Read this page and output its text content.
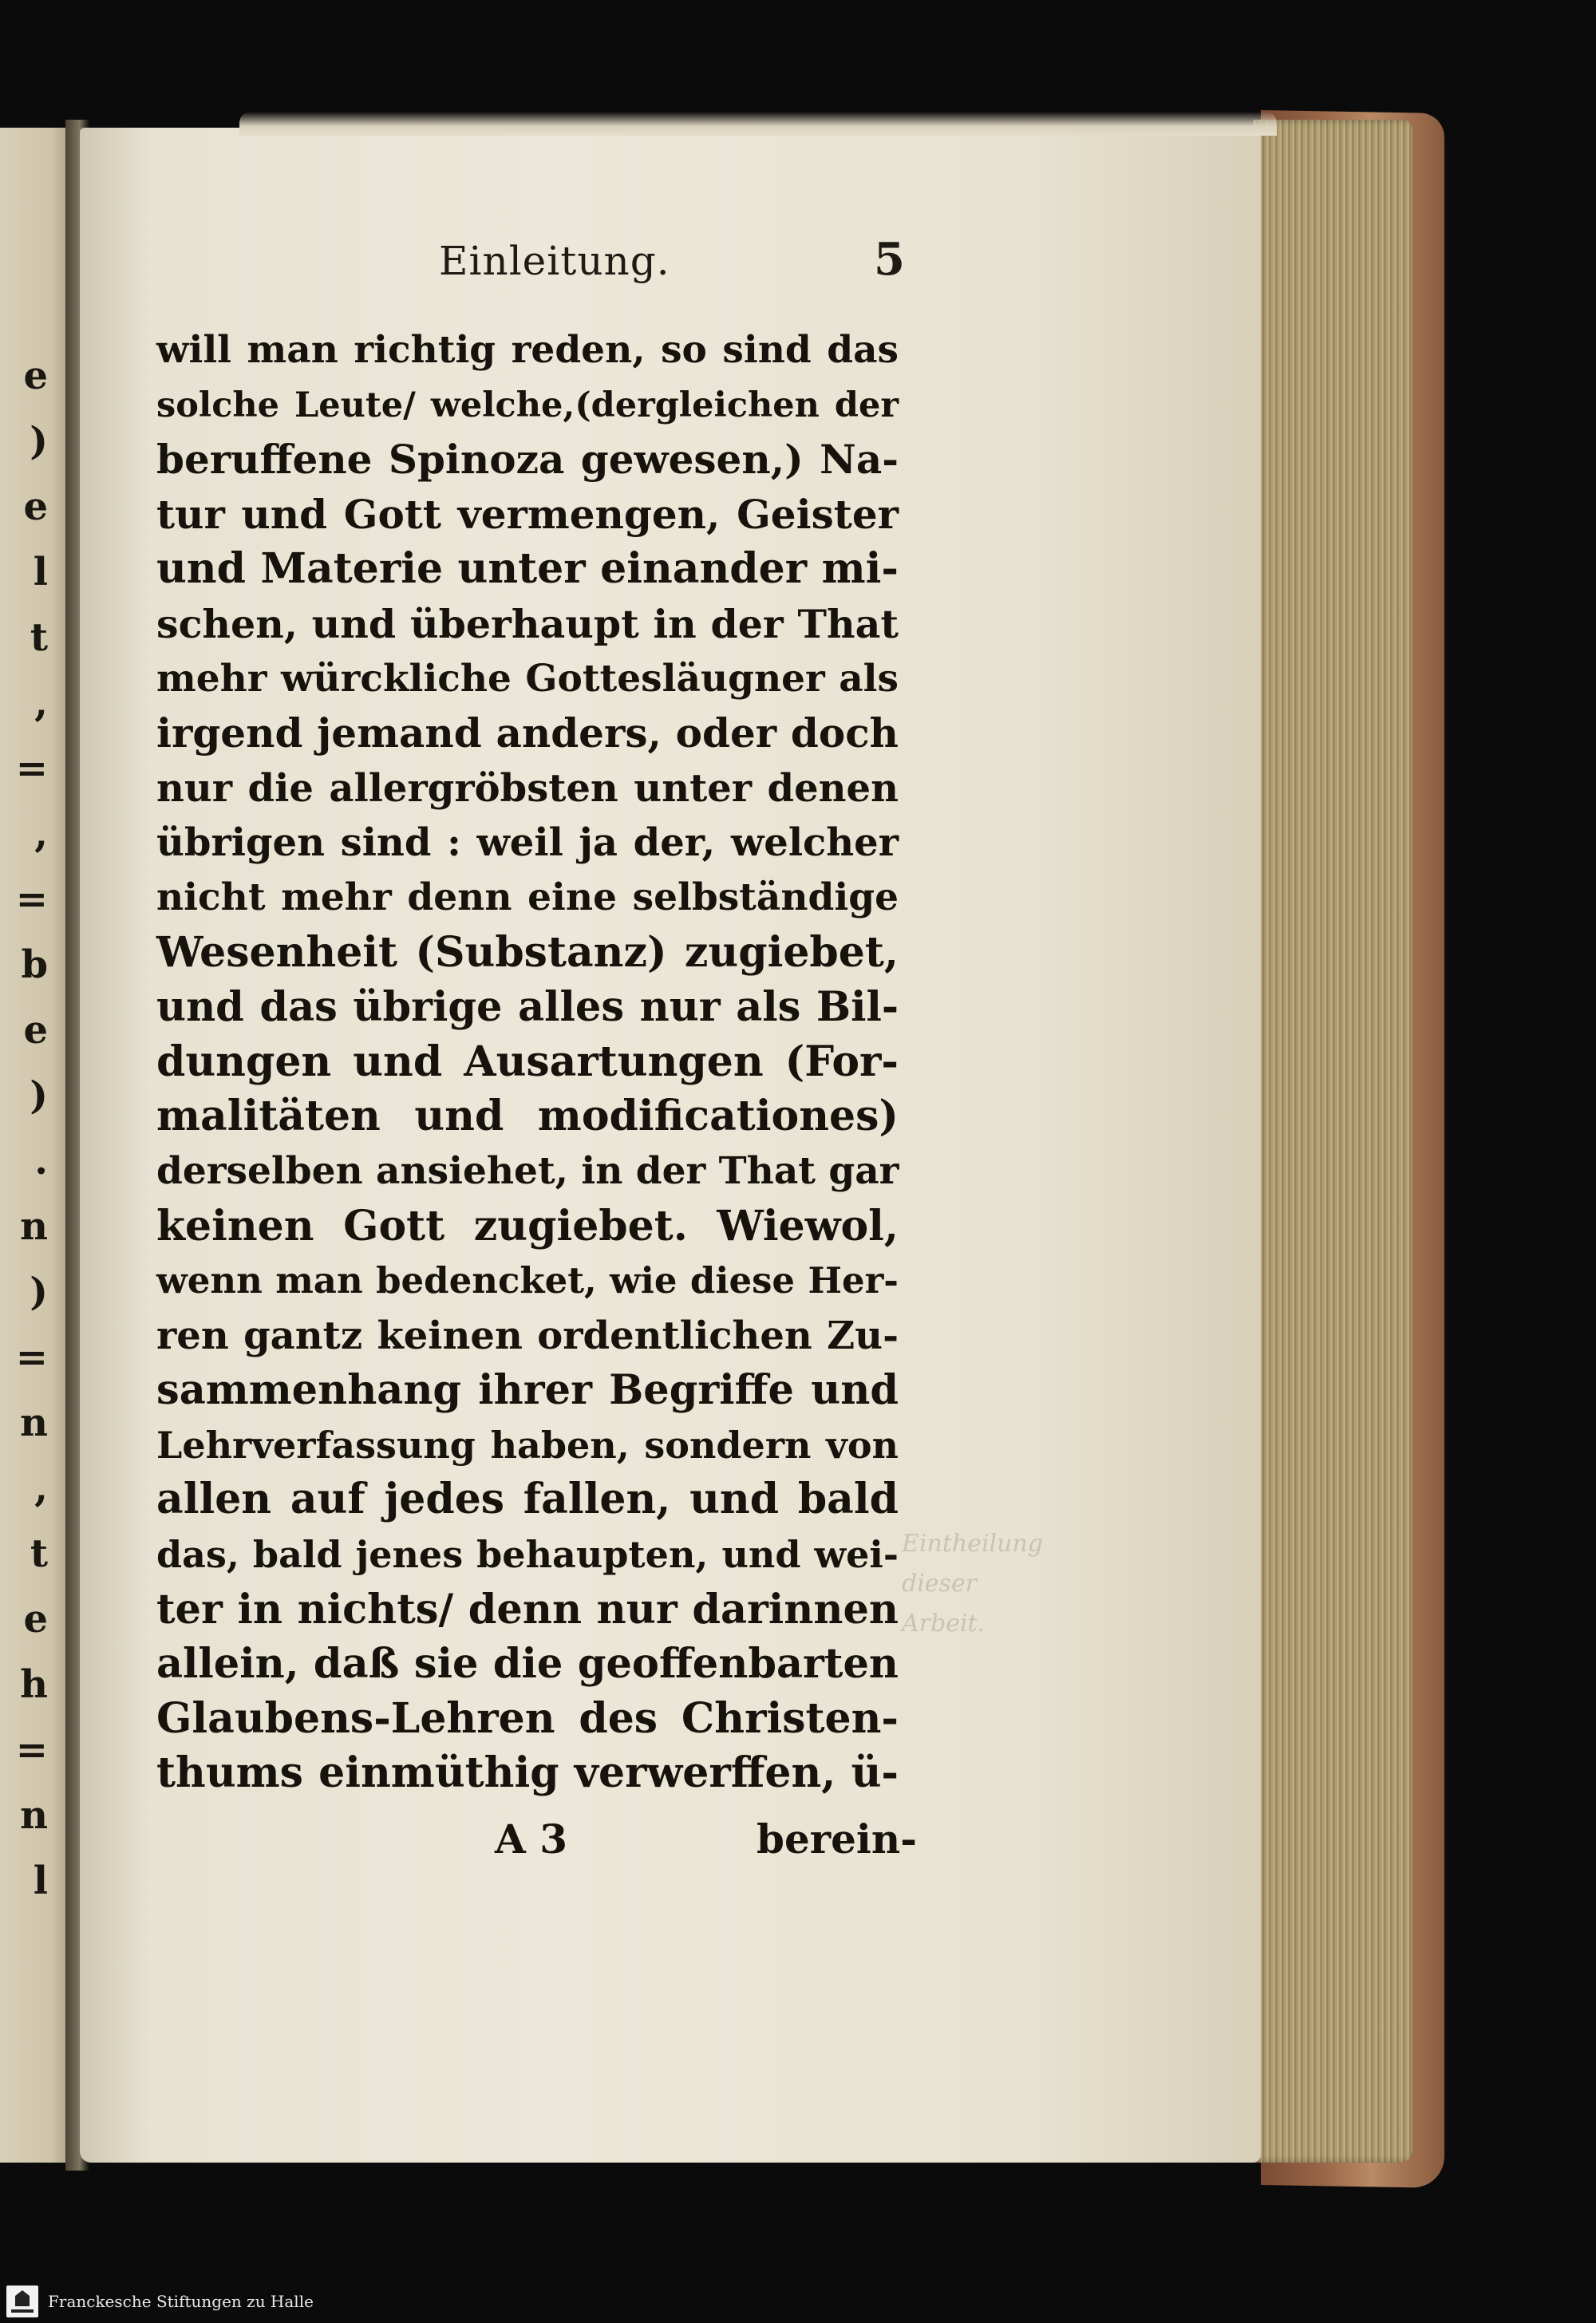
e
)
e
l
t
,
=
,
=
b
e
)
.
n
)
=
n
,
t
e
h
=
n
l
Eintheilung dieser
Arbeit.
Einleitung.	5
will man richtig reden, so sind das
solche Leute/ welche,(dergleichen der
beruffene Spinoza gewesen,) Na-
tur und Gott vermengen, Geister
und Materie unter einander mi-
schen, und überhaupt in der That
mehr würckliche Gottesläugner als
irgend jemand anders, oder doch
nur die allergröbsten unter denen
übrigen sind : weil ja der, welcher
nicht mehr denn eine selbständige
Wesenheit (Substanz) zugiebet,
und das übrige alles nur als Bil-
dungen und Ausartungen (For-
malitäten und modificationes)
derselben ansiehet, in der That gar
keinen Gott zugiebet. Wiewol,
wenn man bedencket, wie diese Her-
ren gantz keinen ordentlichen Zu-
sammenhang ihrer Begriffe und
Lehrverfassung haben, sondern von
allen auf jedes fallen, und bald
das, bald jenes behaupten, und wei-
ter in nichts/ denn nur darinnen
allein, daß sie die geoffenbarten
Glaubens-Lehren des Christen-
thums einmüthig verwerffen, ü-
A 3	berein-
Franckesche Stiftungen zu Halle
